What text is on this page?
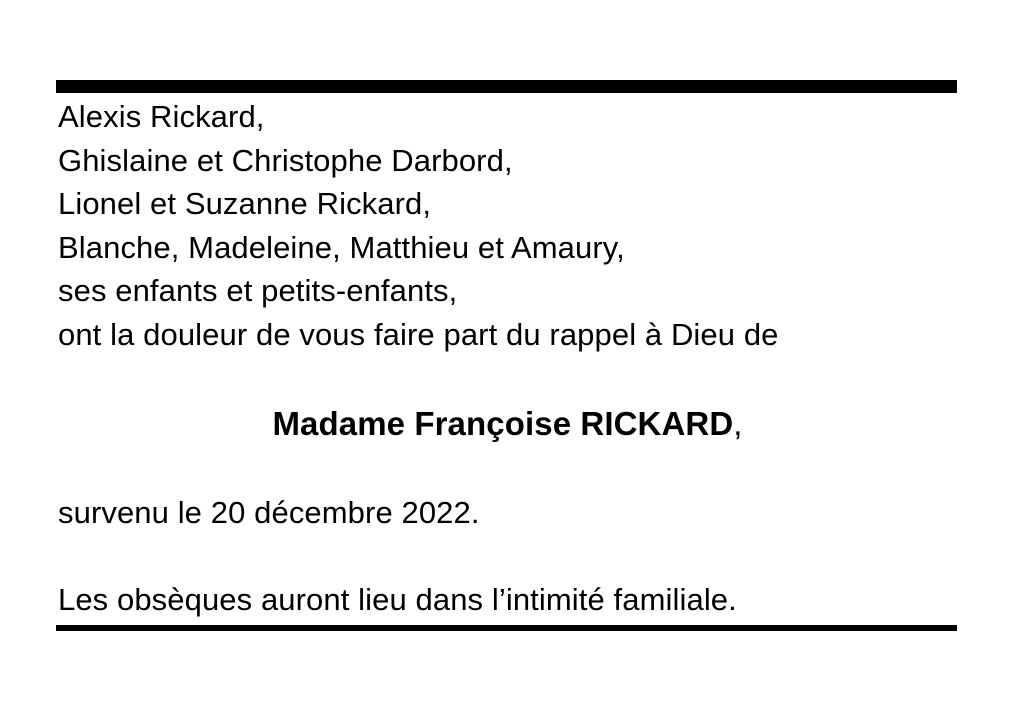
Alexis Rickard,
Ghislaine et Christophe Darbord,
Lionel et Suzanne Rickard,
Blanche, Madeleine, Matthieu et Amaury,
ses enfants et petits-enfants,
ont la douleur de vous faire part du rappel à Dieu de
Madame Françoise RICKARD,
survenu le 20 décembre 2022.
Les obsèques auront lieu dans l’intimité familiale.
